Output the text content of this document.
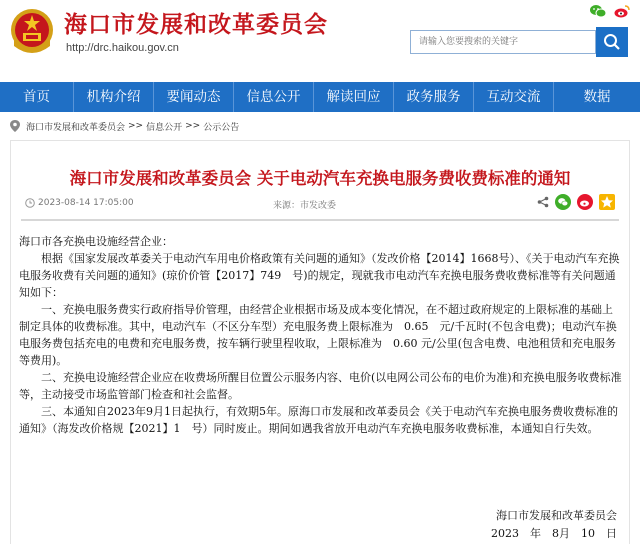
海口市发展和改革委员会
http://drc.haikou.gov.cn
请输入您要搜索的关键字
首页	机构介绍	要闻动态	信息公开	解读回应	政务服务	互动交流	数据
海口市发展和改革委员会 >> 信息公开 >> 公示公告
海口市发展和改革委员会 关于电动汽车充换电服务费收费标准的通知
2023-08-14 17:05:00	来源：市发改委

海口市各充换电设施经营企业：

根据《国家发展改革委关于电动汽车用电价格政策有关问题的通知》（发改价格【2014】1668号）、《关于电动汽车充换电服务收费有关问题的通知》(琼价价管【2017】749　号)的规定，现就我市电动汽车充换电服务费收费标准等有关问题通知如下：

一、充换电服务费实行政府指导价管理，由经营企业根据市场及成本变化情况，在不超过政府规定的上限标准的基础上制定具体的收费标准。其中，电动汽车（不区分车型）充电服务费上限标准为　0.65　元/千瓦时(不包含电费)；电动汽车换电服务费包括充电的电费和充电服务费，按车辆行驶里程收取，上限标准为　0.60 元/公里(包含电费、电池租赁和充电服务等费用)。

二、充换电设施经营企业应在收费场所醒目位置公示服务内容、电价(以电网公司公布的电价为准)和充换电服务收费标准等，主动接受市场监管部门检查和社会监督。

三、本通知自2023年9月1日起执行，有效期5年。原海口市发展和改革委员会《关于电动汽车充换电服务费收费标准的通知》（海发改价格规【2021】1　号）同时废止。期间如遇我省放开电动汽车充换电服务收费标准，本通知自行失效。

海口市发展和改革委员会
2023　年　8月　10　日
